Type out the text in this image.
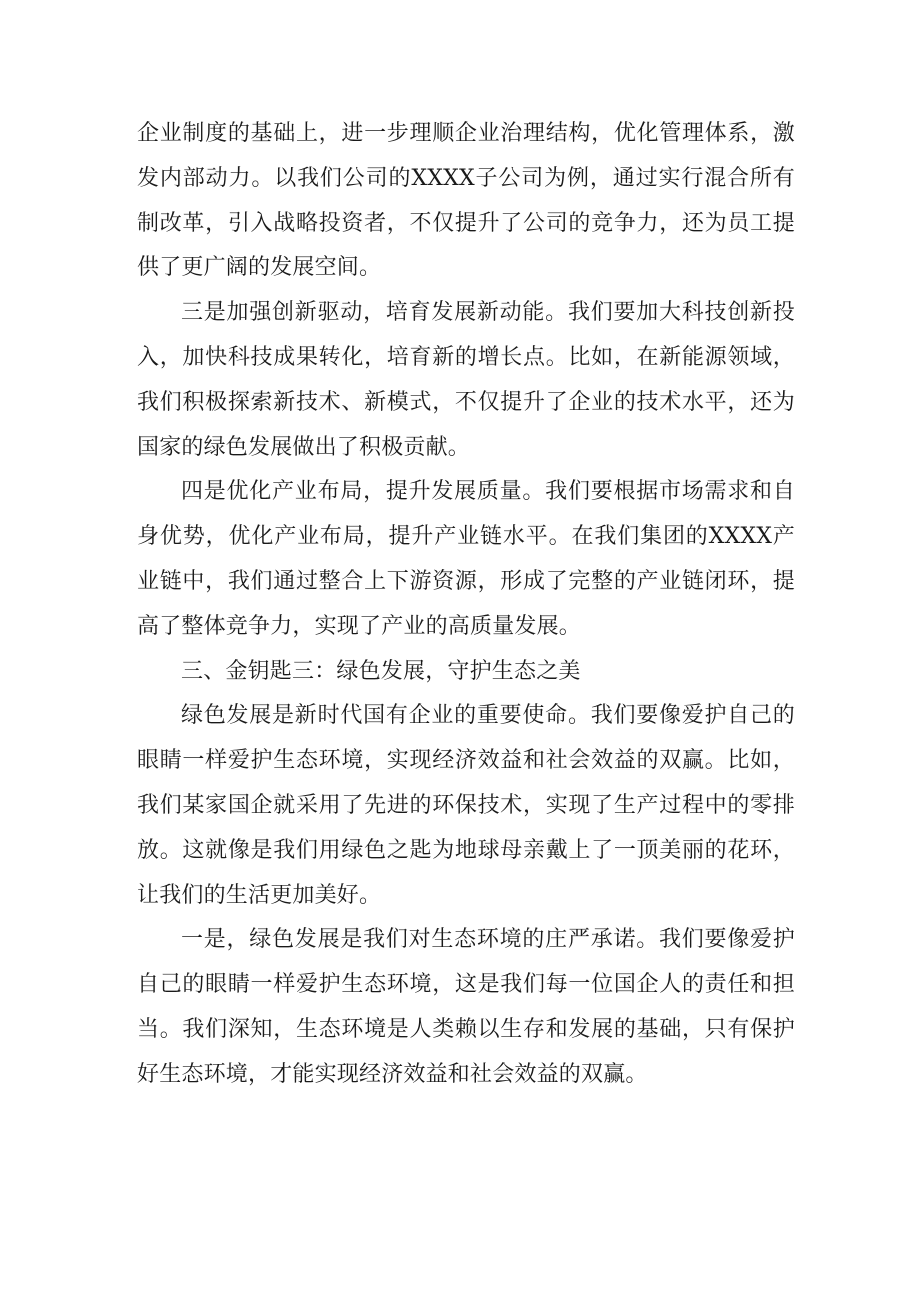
企业制度的基础上，进一步理顺企业治理结构，优化管理体系，激发内部动力。以我们公司的XXXX子公司为例，通过实行混合所有制改革，引入战略投资者，不仅提升了公司的竞争力，还为员工提供了更广阔的发展空间。

三是加强创新驱动，培育发展新动能。我们要加大科技创新投入，加快科技成果转化，培育新的增长点。比如，在新能源领域，我们积极探索新技术、新模式，不仅提升了企业的技术水平，还为国家的绿色发展做出了积极贡献。

四是优化产业布局，提升发展质量。我们要根据市场需求和自身优势，优化产业布局，提升产业链水平。在我们集团的XXXX产业链中，我们通过整合上下游资源，形成了完整的产业链闭环，提高了整体竞争力，实现了产业的高质量发展。

三、金钥匙三：绿色发展，守护生态之美

绿色发展是新时代国有企业的重要使命。我们要像爱护自己的眼睛一样爱护生态环境，实现经济效益和社会效益的双赢。比如，我们某家国企就采用了先进的环保技术，实现了生产过程中的零排放。这就像是我们用绿色之匙为地球母亲戴上了一顶美丽的花环，让我们的生活更加美好。

一是，绿色发展是我们对生态环境的庄严承诺。我们要像爱护自己的眼睛一样爱护生态环境，这是我们每一位国企人的责任和担当。我们深知，生态环境是人类赖以生存和发展的基础，只有保护好生态环境，才能实现经济效益和社会效益的双赢。
